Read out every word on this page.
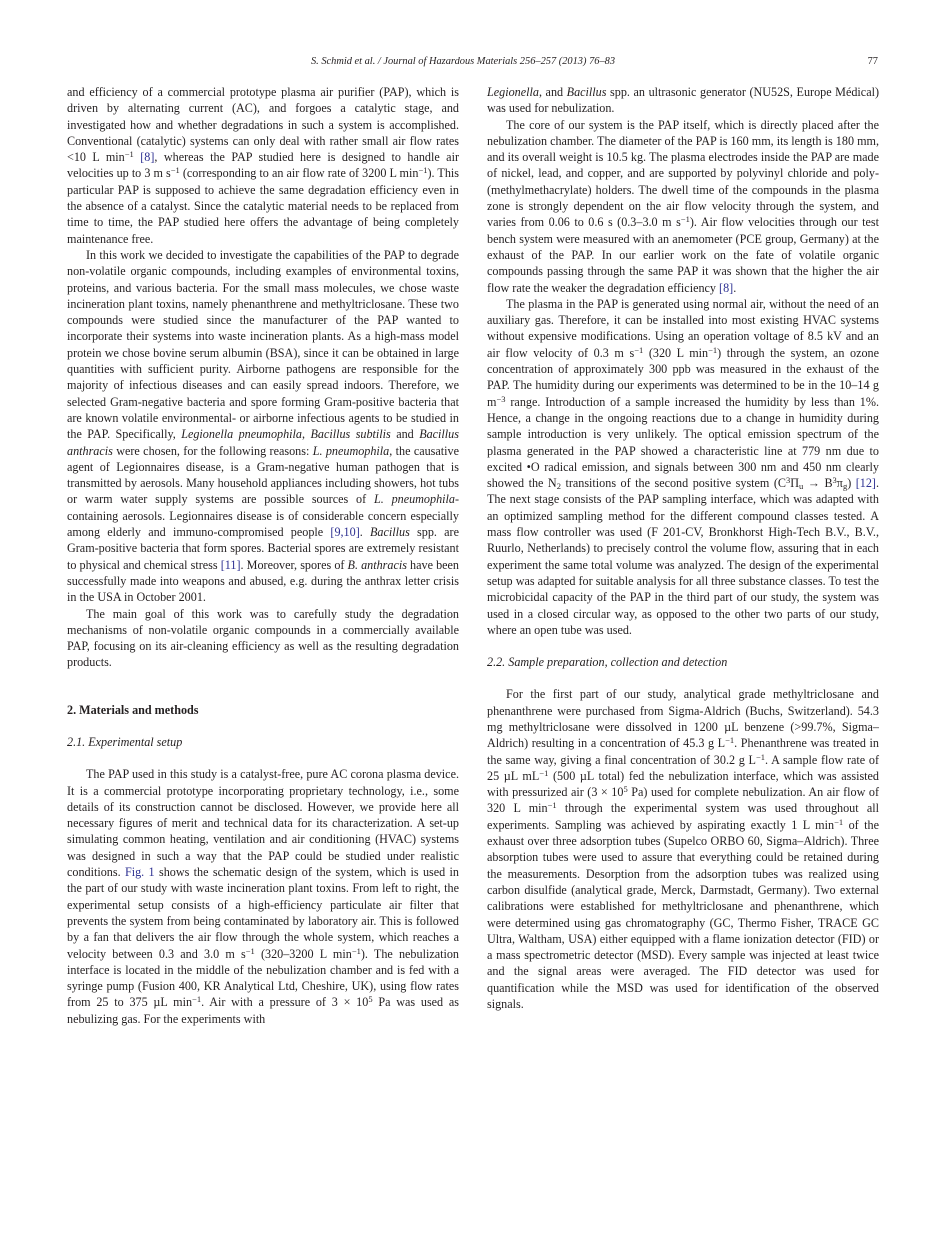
S. Schmid et al. / Journal of Hazardous Materials 256–257 (2013) 76–83	77

and efficiency of a commercial prototype plasma air purifier (PAP), which is driven by alternating current (AC), and forgoes a catalytic stage, and investigated how and whether degradations in such a system is accomplished. Conventional (catalytic) systems can only deal with rather small air flow rates <10 L $\min^{-1} [8]$, whereas the PAP studied here is designed to handle air velocities up to 3 m $s^{-1}$ (corresponding to an air flow rate of 3200 L $\min^{-1}$). This particular PAP is supposed to achieve the same degradation efficiency even in the absence of a catalyst. Since the catalytic material needs to be replaced from time to time, the PAP studied here offers the advantage of being completely maintenance free.

In this work we decided to investigate the capabilities of the PAP to degrade non-volatile organic compounds, including examples of environmental toxins, proteins, and various bacteria. For the small mass molecules, we chose waste incineration plant toxins, namely phenanthrene and methyltriclosane. These two compounds were studied since the manufacturer of the PAP wanted to incorporate their systems into waste incineration plants. As a high-mass model protein we chose bovine serum albumin (BSA), since it can be obtained in large quantities with sufficient purity. Airborne pathogens are responsible for the majority of infectious diseases and can easily spread indoors. Therefore, we selected Gram-negative bacteria and spore forming Gram-positive bacteria that are known volatile environmental- or airborne infectious agents to be studied in the PAP. Specifically, Legionella pneumophila, Bacillus subtilis and Bacillus anthracis were chosen, for the following reasons: L. pneumophila, the causative agent of Legionnaires disease, is a Gram-negative human pathogen that is transmitted by aerosols. Many household appliances including showers, hot tubs or warm water supply systems are possible sources of L. pneumophila-containing aerosols. Legionnaires disease is of considerable concern especially among elderly and immuno-compromised people [9,10]. Bacillus spp. are Gram-positive bacteria that form spores. Bacterial spores are extremely resistant to physical and chemical stress [11]. Moreover, spores of B. anthracis have been successfully made into weapons and abused, e.g. during the anthrax letter crisis in the USA in October 2001.

The main goal of this work was to carefully study the degradation mechanisms of non-volatile organic compounds in a commercially available PAP, focusing on its air-cleaning efficiency as well as the resulting degradation products.

2. Materials and methods

2.1. Experimental setup

The PAP used in this study is a catalyst-free, pure AC corona plasma device. It is a commercial prototype incorporating proprietary technology, i.e., some details of its construction cannot be disclosed. However, we provide here all necessary figures of merit and technical data for its characterization. A set-up simulating common heating, ventilation and air conditioning (HVAC) systems was designed in such a way that the PAP could be studied under realistic conditions. Fig. 1 shows the schematic design of the system, which is used in the part of our study with waste incineration plant toxins. From left to right, the experimental setup consists of a high-efficiency particulate air filter that prevents the system from being contaminated by laboratory air. This is followed by a fan that delivers the air flow through the whole system, which reaches a velocity between 0.3 and 3.0 m $s^{-1}$ (320–3200 L $\min^{-1}$). The nebulization interface is located in the middle of the nebulization chamber and is fed with a syringe pump (Fusion 400, KR Analytical Ltd, Cheshire, UK), using flow rates from 25 to 375 µL $\min^{-1}$. Air with a pressure of $3 \times 10^5$ Pa was used as nebulizing gas. For the experiments with

Legionella, and Bacillus spp. an ultrasonic generator (NU52S, Europe Médical) was used for nebulization.

The core of our system is the PAP itself, which is directly placed after the nebulization chamber. The diameter of the PAP is 160 mm, its length is 180 mm, and its overall weight is 10.5 kg. The plasma electrodes inside the PAP are made of nickel, lead, and copper, and are supported by polyvinyl chloride and poly-(methylmethacrylate) holders. The dwell time of the compounds in the plasma zone is strongly dependent on the air flow velocity through the system, and varies from 0.06 to 0.6 s (0.3–3.0 m $s^{-1}$). Air flow velocities through our test bench system were measured with an anemometer (PCE group, Germany) at the exhaust of the PAP. In our earlier work on the fate of volatile organic compounds passing through the same PAP it was shown that the higher the air flow rate the weaker the degradation efficiency [8].

The plasma in the PAP is generated using normal air, without the need of an auxiliary gas. Therefore, it can be installed into most existing HVAC systems without expensive modifications. Using an operation voltage of 8.5 kV and an air flow velocity of 0.3 m $s^{-1}$ (320 L $\min^{-1}$) through the system, an ozone concentration of approximately 300 ppb was measured in the exhaust of the PAP. The humidity during our experiments was determined to be in the 10–14 g $m^{-3}$ range. Introduction of a sample increased the humidity by less than 1%. Hence, a change in the ongoing reactions due to a change in humidity during sample introduction is very unlikely. The optical emission spectrum of the plasma generated in the PAP showed a characteristic line at 779 nm due to excited •O radical emission, and signals between 300 nm and 450 nm clearly showed the $N_2$ transitions of the second positive system $(C^3\Pi_u \to B^3\pi_g)$ [12]. The next stage consists of the PAP sampling interface, which was adapted with an optimized sampling method for the different compound classes tested. A mass flow controller was used (F 201-CV, Bronkhorst High-Tech B.V., B.V., Ruurlo, Netherlands) to precisely control the volume flow, assuring that in each experiment the same total volume was analyzed. The design of the experimental setup was adapted for suitable analysis for all three substance classes. To test the microbicidal capacity of the PAP in the third part of our study, the system was used in a closed circular way, as opposed to the other two parts of our study, where an open tube was used.

2.2. Sample preparation, collection and detection

For the first part of our study, analytical grade methyltriclosane and phenanthrene were purchased from Sigma-Aldrich (Buchs, Switzerland). 54.3 mg methyltriclosane were dissolved in 1200 µL benzene (>99.7%, Sigma–Aldrich) resulting in a concentration of 45.3 g $L^{-1}$. Phenanthrene was treated in the same way, giving a final concentration of 30.2 g $L^{-1}$. A sample flow rate of 25 µL $mL^{-1}$ (500 µL total) fed the nebulization interface, which was assisted with pressurized air ($3 \times 10^5$ Pa) used for complete nebulization. An air flow of 320 L $\min^{-1}$ through the experimental system was used throughout all experiments. Sampling was achieved by aspirating exactly 1 L $\min^{-1}$ of the exhaust over three adsorption tubes (Supelco ORBO 60, Sigma–Aldrich). Three absorption tubes were used to assure that everything could be retained during the measurements. Desorption from the adsorption tubes was realized using carbon disulfide (analytical grade, Merck, Darmstadt, Germany). Two external calibrations were established for methyltriclosane and phenanthrene, which were determined using gas chromatography (GC, Thermo Fisher, TRACE GC Ultra, Waltham, USA) either equipped with a flame ionization detector (FID) or a mass spectrometric detector (MSD). Every sample was injected at least twice and the signal areas were averaged. The FID detector was used for quantification while the MSD was used for identification of the observed signals.
